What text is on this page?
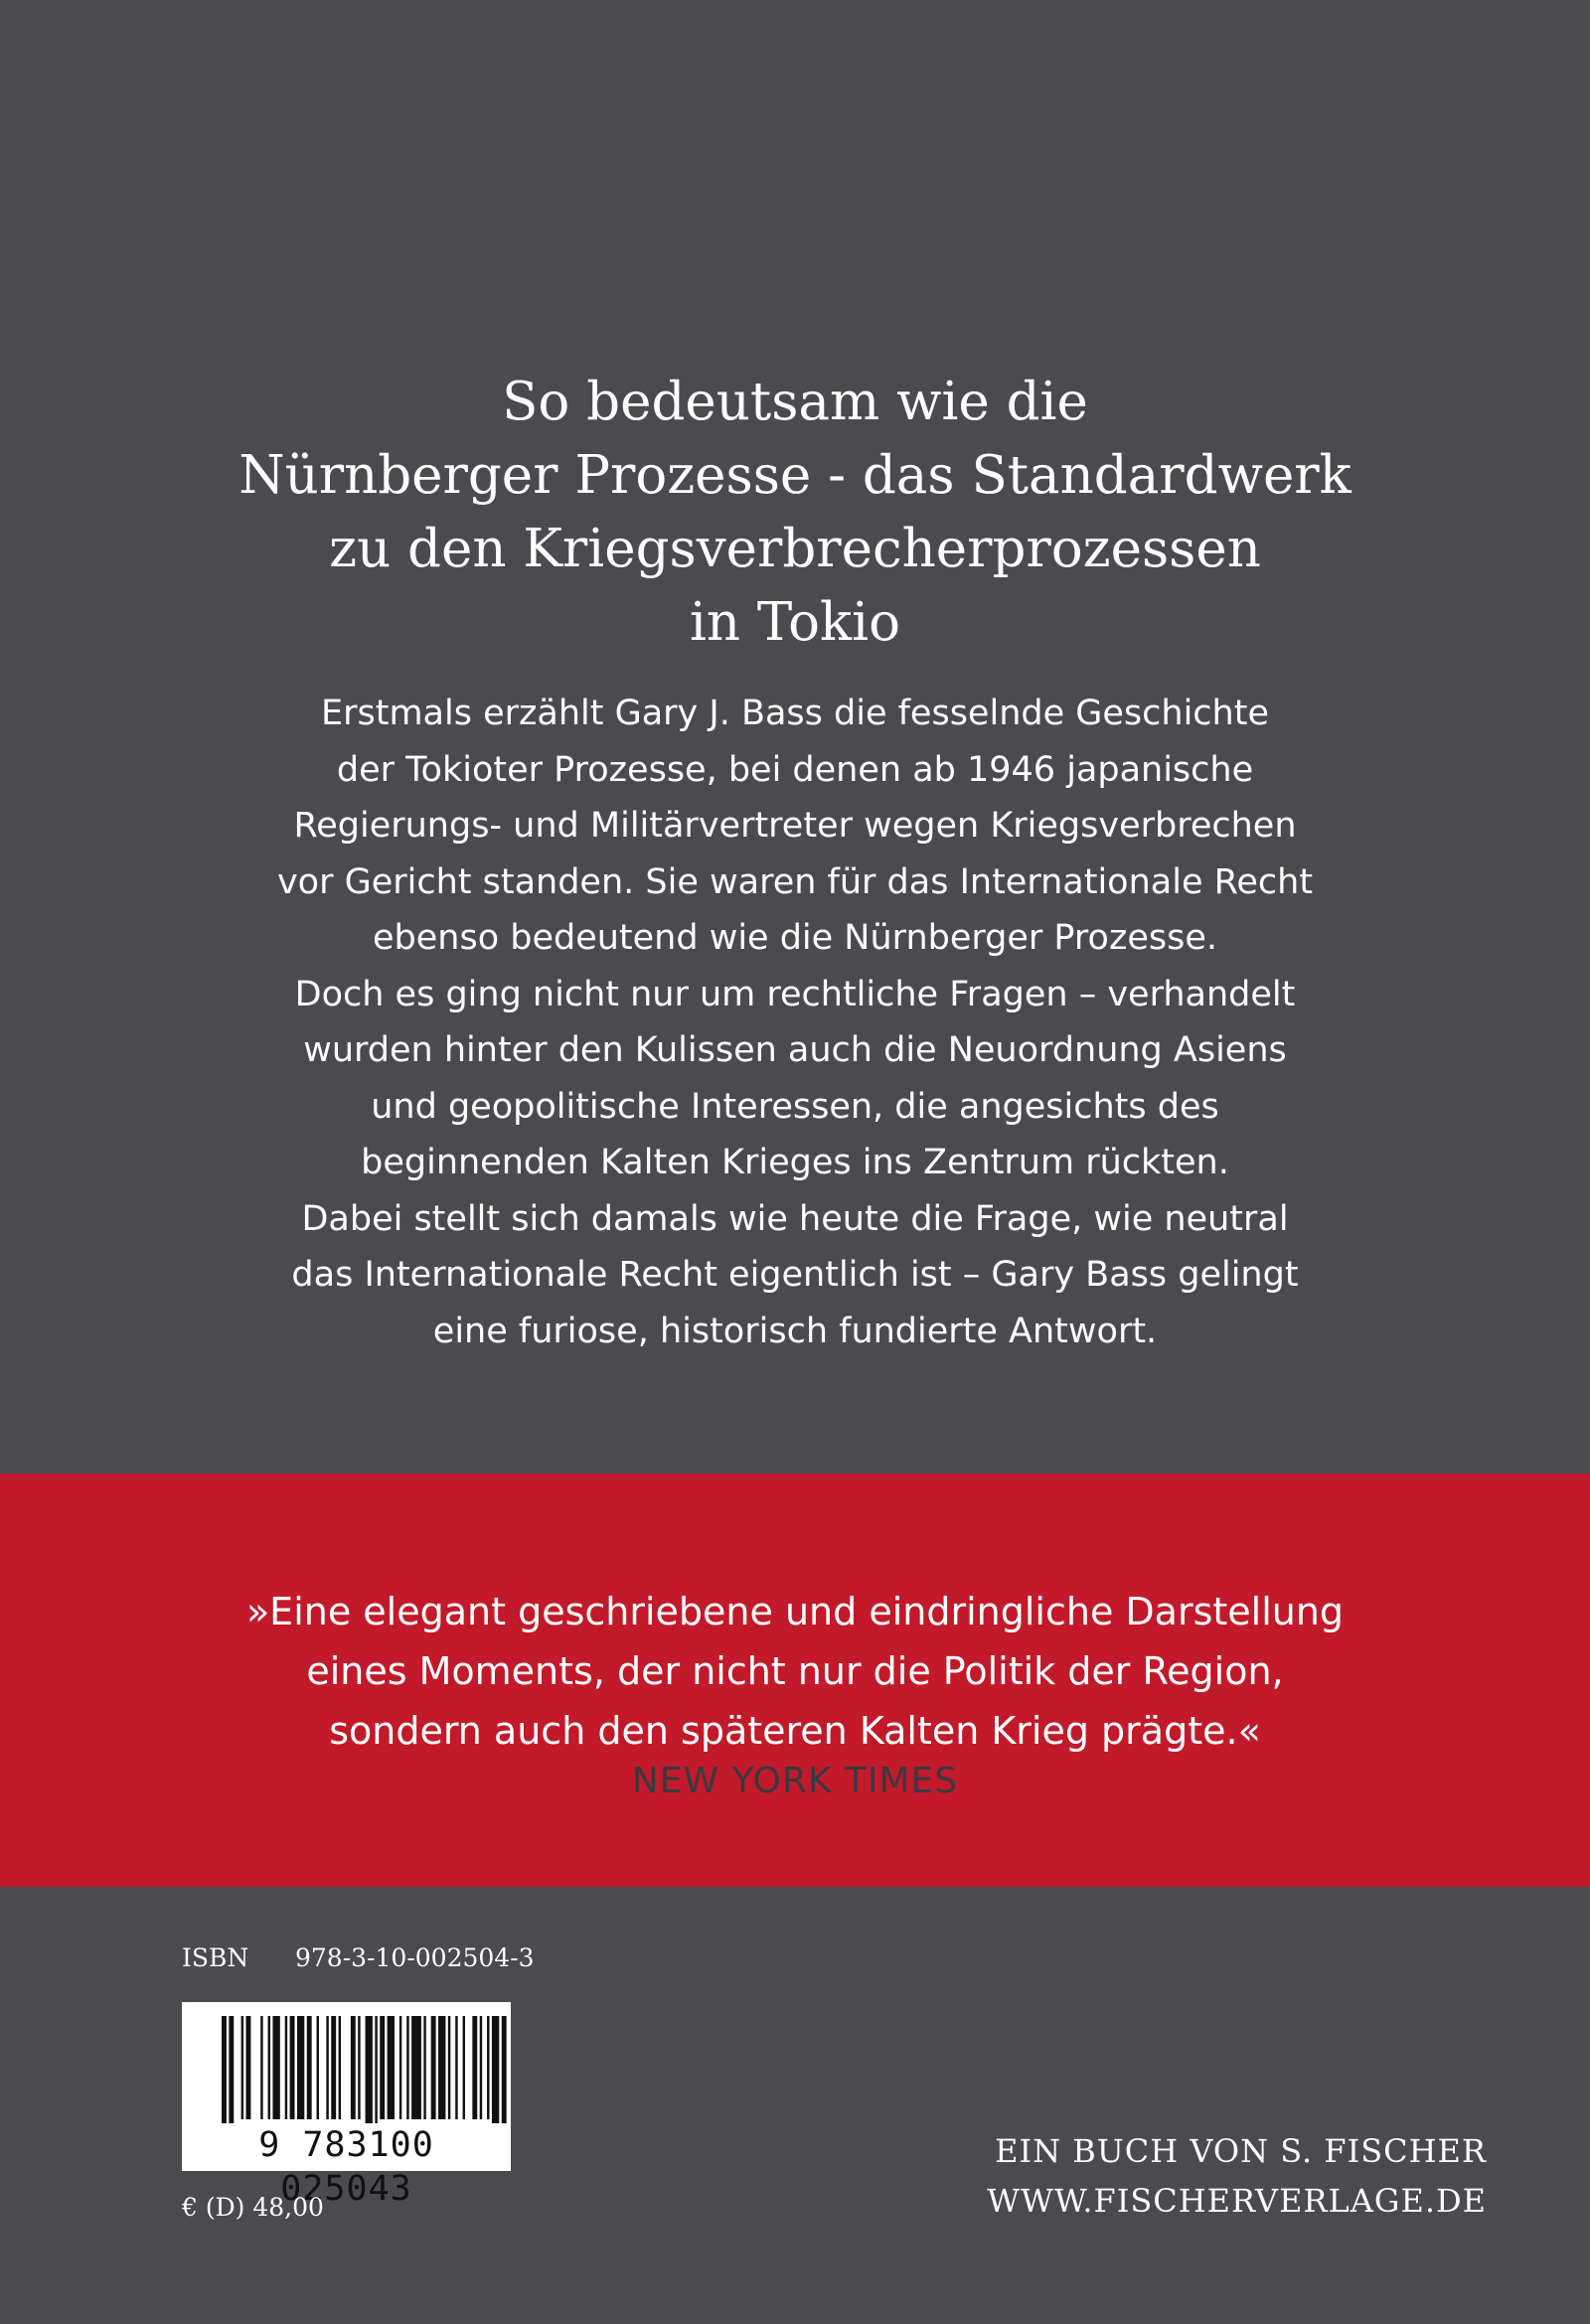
So bedeutsam wie die
Nürnberger Prozesse - das Standardwerk
zu den Kriegsverbrecherprozessen
in Tokio
Erstmals erzählt Gary J. Bass die fesselnde Geschichte
der Tokioter Prozesse, bei denen ab 1946 japanische
Regierungs- und Militärvertreter wegen Kriegsverbrechen
vor Gericht standen. Sie waren für das Internationale Recht
ebenso bedeutend wie die Nürnberger Prozesse.
Doch es ging nicht nur um rechtliche Fragen – verhandelt
wurden hinter den Kulissen auch die Neuordnung Asiens
und geopolitische Interessen, die angesichts des
beginnenden Kalten Krieges ins Zentrum rückten.
Dabei stellt sich damals wie heute die Frage, wie neutral
das Internationale Recht eigentlich ist – Gary Bass gelingt
eine furiose, historisch fundierte Antwort.
»Eine elegant geschriebene und eindringliche Darstellung
eines Moments, der nicht nur die Politik der Region,
sondern auch den späteren Kalten Krieg prägte.«
NEW YORK TIMES
ISBN 978-3-10-002504-3
9 783100 025043
€ (D) 48,00
EIN BUCH VON S. FISCHER
WWW.FISCHERVERLAGE.DE
